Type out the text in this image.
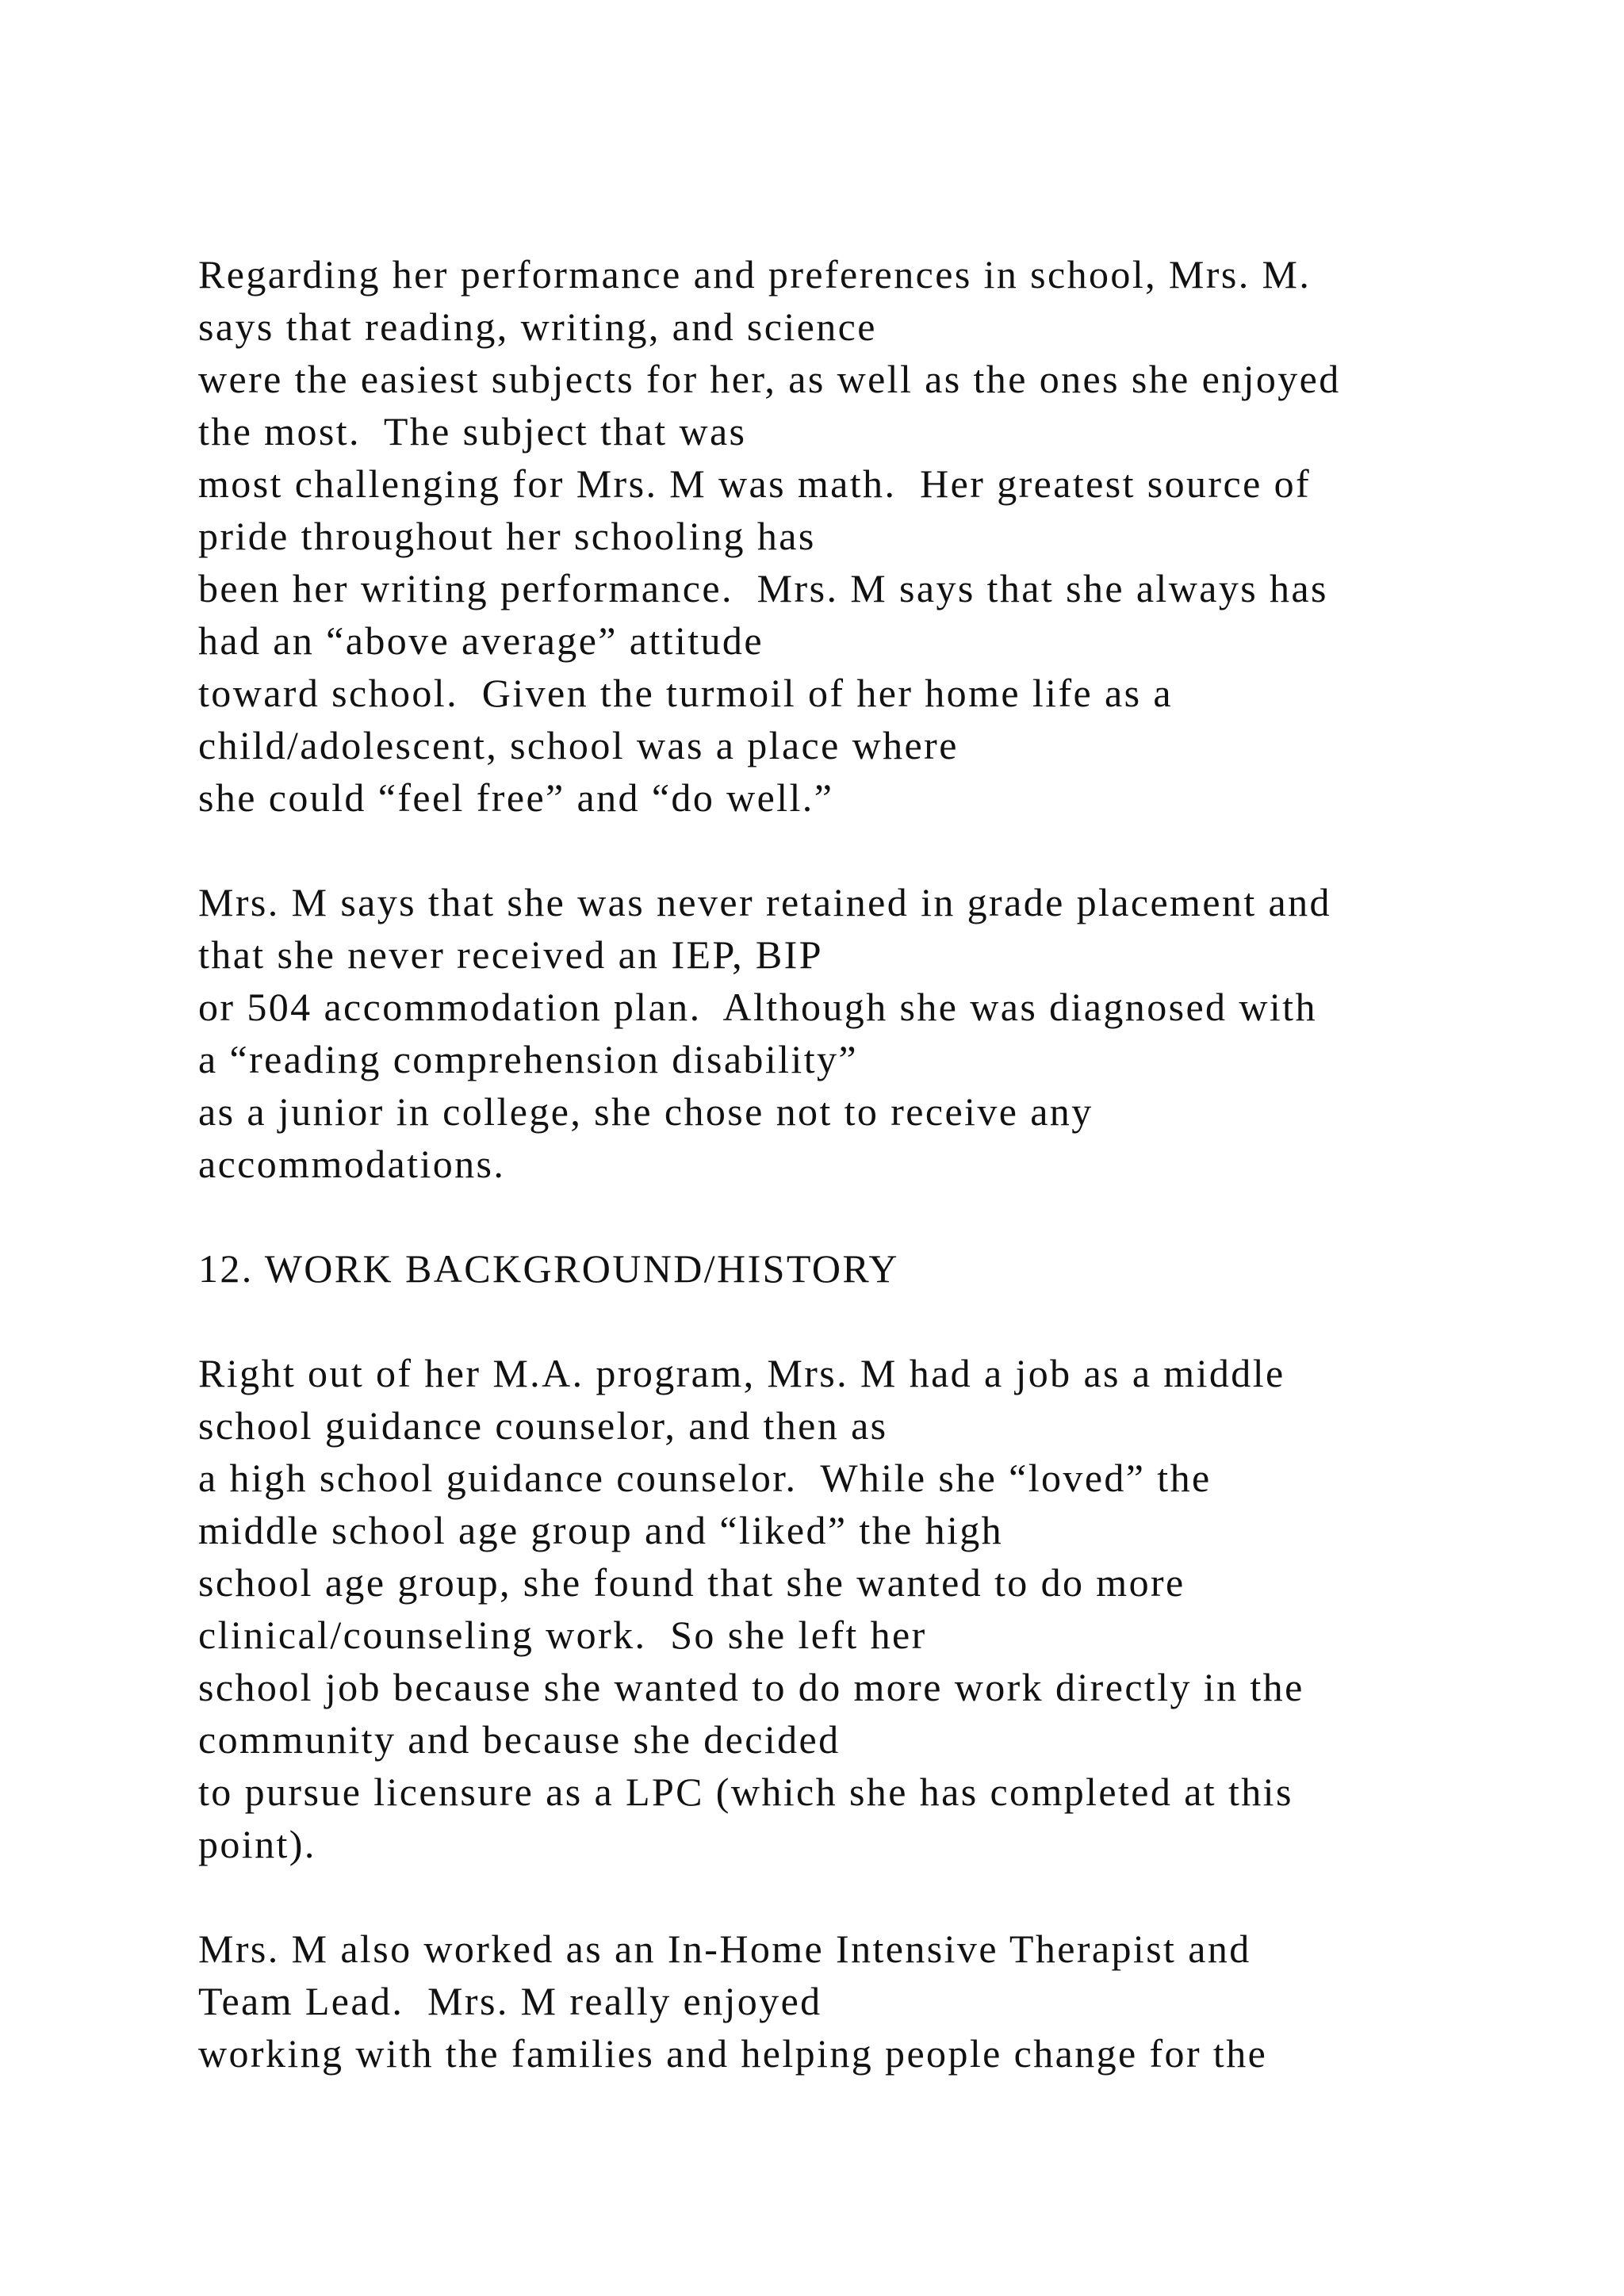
Regarding her performance and preferences in school, Mrs. M.
says that reading, writing, and science
were the easiest subjects for her, as well as the ones she enjoyed
the most.  The subject that was
most challenging for Mrs. M was math.  Her greatest source of
pride throughout her schooling has
been her writing performance.  Mrs. M says that she always has
had an “above average” attitude
toward school.  Given the turmoil of her home life as a
child/adolescent, school was a place where
she could “feel free” and “do well.”
Mrs. M says that she was never retained in grade placement and
that she never received an IEP, BIP
or 504 accommodation plan.  Although she was diagnosed with
a “reading comprehension disability”
as a junior in college, she chose not to receive any
accommodations.
12. WORK BACKGROUND/HISTORY
Right out of her M.A. program, Mrs. M had a job as a middle
school guidance counselor, and then as
a high school guidance counselor.  While she “loved” the
middle school age group and “liked” the high
school age group, she found that she wanted to do more
clinical/counseling work.  So she left her
school job because she wanted to do more work directly in the
community and because she decided
to pursue licensure as a LPC (which she has completed at this
point).
Mrs. M also worked as an In-Home Intensive Therapist and
Team Lead.  Mrs. M really enjoyed
working with the families and helping people change for the
